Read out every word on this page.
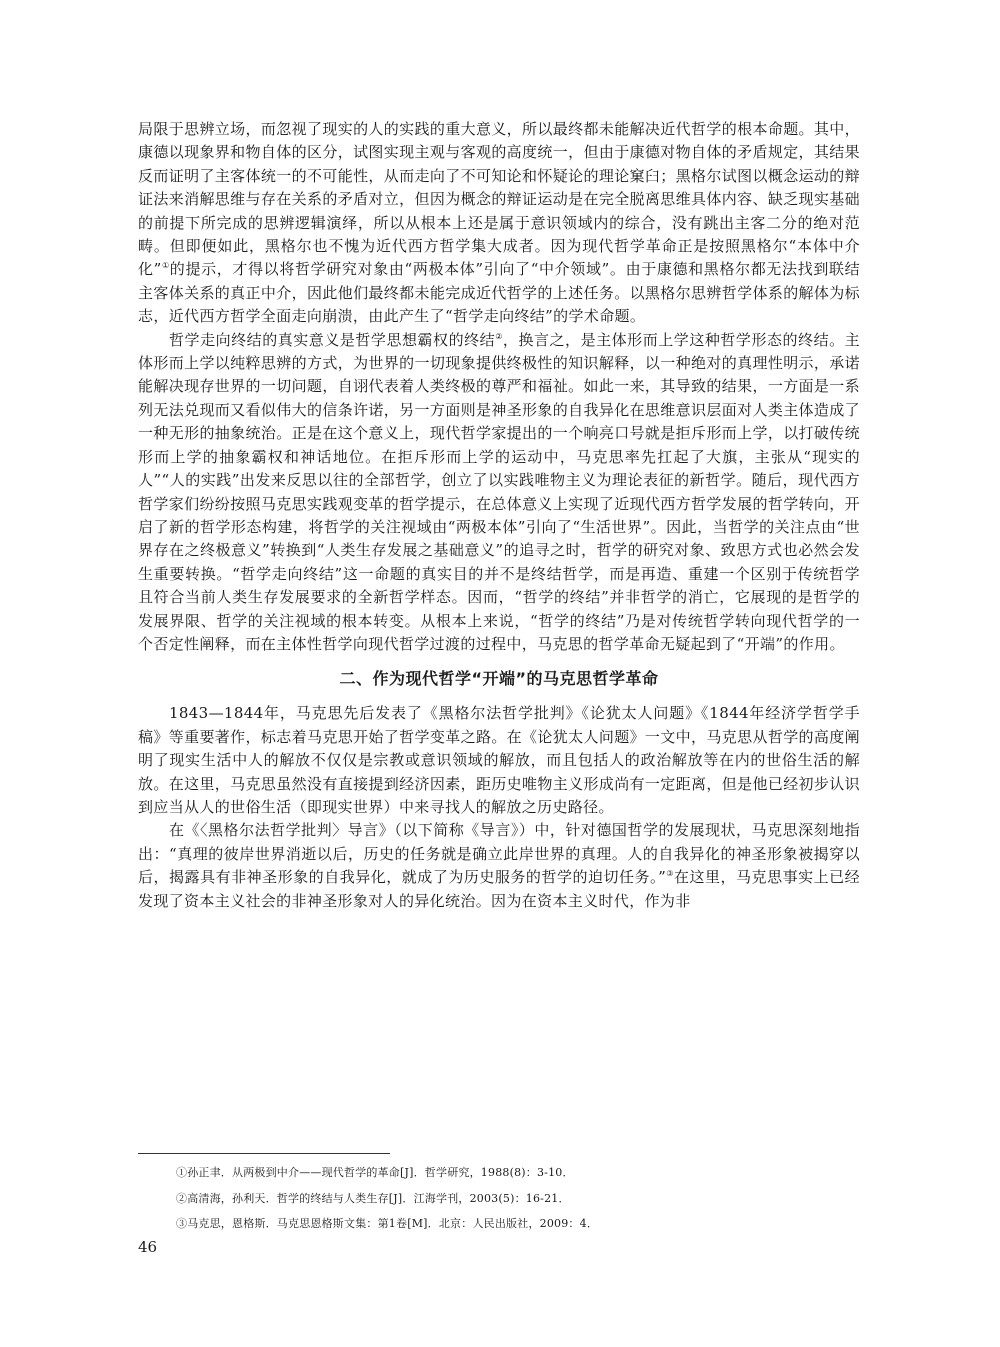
局限于思辨立场，而忽视了现实的人的实践的重大意义，所以最终都未能解决近代哲学的根本命题。其中，康德以现象界和物自体的区分，试图实现主观与客观的高度统一，但由于康德对物自体的矛盾规定，其结果反而证明了主客体统一的不可能性，从而走向了不可知论和怀疑论的理论窠臼；黑格尔试图以概念运动的辩证法来消解思维与存在关系的矛盾对立，但因为概念的辩证运动是在完全脱离思维具体内容、缺乏现实基础的前提下所完成的思辨逻辑演绎，所以从根本上还是属于意识领域内的综合，没有跳出主客二分的绝对范畴。但即便如此，黑格尔也不愧为近代西方哲学集大成者。因为现代哲学革命正是按照黑格尔“本体中介化”①的提示，才得以将哲学研究对象由“两极本体”引向了“中介领域”。由于康德和黑格尔都无法找到联结主客体关系的真正中介，因此他们最终都未能完成近代哲学的上述任务。以黑格尔思辨哲学体系的解体为标志，近代西方哲学全面走向崩溃，由此产生了“哲学走向终结”的学术命题。

哲学走向终结的真实意义是哲学思想霸权的终结②，换言之，是主体形而上学这种哲学形态的终结。主体形而上学以纯粹思辨的方式，为世界的一切现象提供终极性的知识解释，以一种绝对的真理性明示，承诺能解决现存世界的一切问题，自诩代表着人类终极的尊严和福祉。如此一来，其导致的结果，一方面是一系列无法兑现而又看似伟大的信条许诺，另一方面则是神圣形象的自我异化在思维意识层面对人类主体造成了一种无形的抽象统治。正是在这个意义上，现代哲学家提出的一个响亮口号就是拒斥形而上学，以打破传统形而上学的抽象霸权和神话地位。在拒斥形而上学的运动中，马克思率先扛起了大旗，主张从“现实的人”“人的实践”出发来反思以往的全部哲学，创立了以实践唯物主义为理论表征的新哲学。随后，现代西方哲学家们纷纷按照马克思实践观变革的哲学提示，在总体意义上实现了近现代西方哲学发展的哲学转向，开启了新的哲学形态构建，将哲学的关注视域由“两极本体”引向了“生活世界”。因此，当哲学的关注点由“世界存在之终极意义”转换到“人类生存发展之基础意义”的追寻之时，哲学的研究对象、致思方式也必然会发生重要转换。“哲学走向终结”这一命题的真实目的并不是终结哲学，而是再造、重建一个区别于传统哲学且符合当前人类生存发展要求的全新哲学样态。因而，“哲学的终结”并非哲学的消亡，它展现的是哲学的发展界限、哲学的关注视域的根本转变。从根本上来说，“哲学的终结”乃是对传统哲学转向现代哲学的一个否定性阐释，而在主体性哲学向现代哲学过渡的过程中，马克思的哲学革命无疑起到了“开端”的作用。

二、作为现代哲学“开端”的马克思哲学革命

1843—1844年，马克思先后发表了《黑格尔法哲学批判》《论犹太人问题》《1844年经济学哲学手稿》等重要著作，标志着马克思开始了哲学变革之路。在《论犹太人问题》一文中，马克思从哲学的高度阐明了现实生活中人的解放不仅仅是宗教或意识领域的解放，而且包括人的政治解放等在内的世俗生活的解放。在这里，马克思虽然没有直接提到经济因素，距历史唯物主义形成尚有一定距离，但是他已经初步认识到应当从人的世俗生活（即现实世界）中来寻找人的解放之历史路径。

在《〈黑格尔法哲学批判〉导言》（以下简称《导言》）中，针对德国哲学的发展现状，马克思深刻地指出：“真理的彼岸世界消逝以后，历史的任务就是确立此岸世界的真理。人的自我异化的神圣形象被揭穿以后，揭露具有非神圣形象的自我异化，就成了为历史服务的哲学的迫切任务。”③在这里，马克思事实上已经发现了资本主义社会的非神圣形象对人的异化统治。因为在资本主义时代，作为非

①孙正聿．从两极到中介——现代哲学的革命[J]．哲学研究，1988(8)：3-10．

②高清海，孙利天．哲学的终结与人类生存[J]．江海学刊，2003(5)：16-21．

③马克思，恩格斯．马克思恩格斯文集：第1卷[M]．北京：人民出版社，2009：4．

46
